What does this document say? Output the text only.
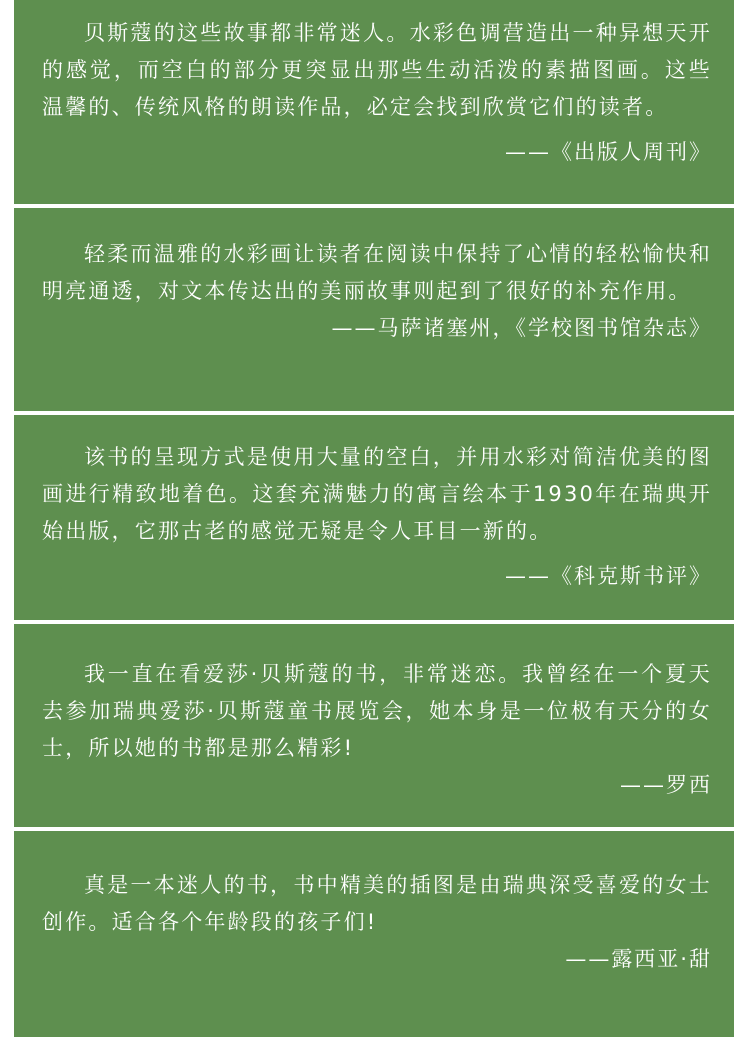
贝斯蔻的这些故事都非常迷人。水彩色调营造出一种异想天开的感觉，而空白的部分更突显出那些生动活泼的素描图画。这些温馨的、传统风格的朗读作品，必定会找到欣赏它们的读者。

——《出版人周刊》

轻柔而温雅的水彩画让读者在阅读中保持了心情的轻松愉快和明亮通透，对文本传达出的美丽故事则起到了很好的补充作用。

——马萨诸塞州，《学校图书馆杂志》

该书的呈现方式是使用大量的空白，并用水彩对简洁优美的图画进行精致地着色。这套充满魅力的寓言绘本于1930年在瑞典开始出版，它那古老的感觉无疑是令人耳目一新的。

——《科克斯书评》

我一直在看爱莎·贝斯蔻的书，非常迷恋。我曾经在一个夏天去参加瑞典爱莎·贝斯蔻童书展览会，她本身是一位极有天分的女士，所以她的书都是那么精彩!

——罗西

真是一本迷人的书，书中精美的插图是由瑞典深受喜爱的女士创作。适合各个年龄段的孩子们!

——露西亚·甜
